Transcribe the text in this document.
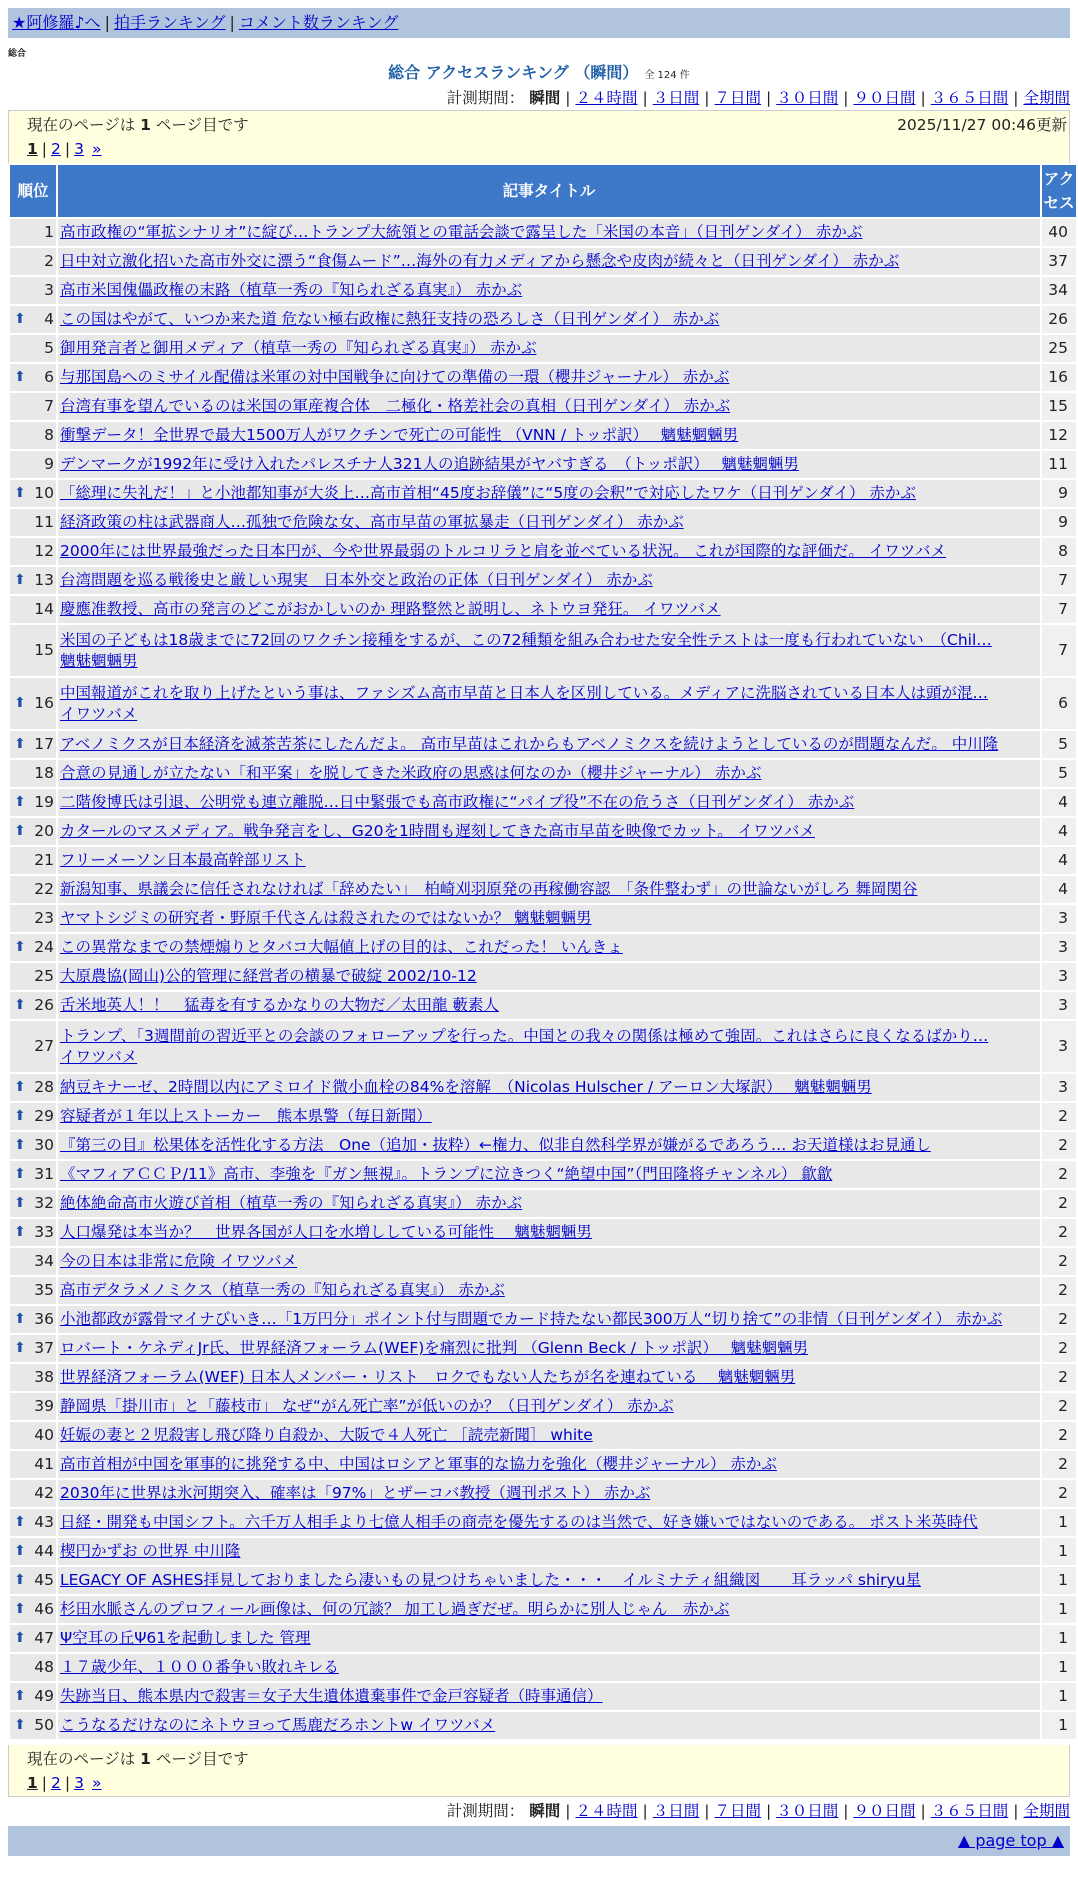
★阿修羅♪へ | 拍手ランキング | コメント数ランキング
総合
総合 アクセスランキング （瞬間） 全 124 件
計測期間： 瞬間 | ２４時間 | ３日間 | ７日間 | ３０日間 | ９０日間 | ３６５日間 | 全期間
現在のページは 1 ページ目です	2025/11/27 00:46更新
1 | 2 | 3 »
順位	記事タイトル	アクセス
1	高市政権の“軍拡シナリオ”に綻び…トランプ大統領との電話会談で露呈した「米国の本音」（日刊ゲンダイ） 赤かぶ	40
2	日中対立激化招いた高市外交に漂う“食傷ムード”…海外の有力メディアから懸念や皮肉が続々と（日刊ゲンダイ） 赤かぶ	37
3	高市米国傀儡政権の末路（植草一秀の『知られざる真実』） 赤かぶ	34

⬆ 4	この国はやがて、いつか来た道 危ない極右政権に熱狂支持の恐ろしさ（日刊ゲンダイ） 赤かぶ	26
5	御用発言者と御用メディア（植草一秀の『知られざる真実』） 赤かぶ	25

⬆ 6	与那国島へのミサイル配備は米軍の対中国戦争に向けての準備の一環（櫻井ジャーナル） 赤かぶ	16
7	台湾有事を望んでいるのは米国の軍産複合体　二極化・格差社会の真相（日刊ゲンダイ） 赤かぶ	15
8	衝撃データ！全世界で最大1500万人がワクチンで死亡の可能性 （VNN / トッポ訳）　 魑魅魍魎男	12
9	デンマークが1992年に受け入れたパレスチナ人321人の追跡結果がヤバすぎる　（トッポ訳）　 魑魅魍魎男	11

⬆ 10	「総理に失礼だ！」と小池都知事が大炎上…高市首相“45度お辞儀”に“5度の会釈”で対応したワケ（日刊ゲンダイ） 赤かぶ	9
11	経済政策の柱は武器商人…孤独で危険な女、高市早苗の軍拡暴走（日刊ゲンダイ） 赤かぶ	9
12	2000年には世界最強だった日本円が、今や世界最弱のトルコリラと肩を並べている状況。 これが国際的な評価だ。 イワツバメ	8

⬆ 13	台湾問題を巡る戦後史と厳しい現実　日本外交と政治の正体（日刊ゲンダイ） 赤かぶ	7
14	慶應准教授、高市の発言のどこがおかしいのか 理路整然と説明し、ネトウヨ発狂。 イワツバメ	7
15	米国の子どもは18歳までに72回のワクチン接種をするが、この72種類を組み合わせた安全性テストは一度も行われていない　（Chil…
魑魅魍魎男	7

⬆ 16	中国報道がこれを取り上げたという事は、ファシズム高市早苗と日本人を区別している。メディアに洗脳されている日本人は頭が混…
イワツバメ	6

⬆ 17	アベノミクスが日本経済を滅茶苦茶にしたんだよ。 高市早苗はこれからもアベノミクスを続けようとしているのが問題なんだ。 中川隆	5
18	合意の見通しが立たない「和平案」を脱してきた米政府の思惑は何なのか（櫻井ジャーナル） 赤かぶ	5

⬆ 19	二階俊博氏は引退、公明党も連立離脱…日中緊張でも高市政権に“パイプ役”不在の危うさ（日刊ゲンダイ） 赤かぶ	4

⬆ 20	カタールのマスメディア。戦争発言をし、G20を1時間も遅刻してきた高市早苗を映像でカット。 イワツバメ	4
21	フリーメーソン日本最高幹部リスト	4
22	新潟知事、県議会に信任されなければ「辞めたい」　柏崎刈羽原発の再稼働容認　「条件整わず」の世論ないがしろ 舞岡関谷	4
23	ヤマトシジミの研究者・野原千代さんは殺されたのではないか？ 魑魅魍魎男	3

⬆ 24	この異常なまでの禁煙煽りとタバコ大幅値上げの目的は、これだった！ いんきょ	3
25	大原農協(岡山)公的管理に経営者の横暴で破綻 2002/10-12	3

⬆ 26	舌米地英人！！　猛毒を有するかなりの大物だ／太田龍 藪素人	3
27	トランプ、「3週間前の習近平との会談のフォローアップを行った。中国との我々の関係は極めて強固。これはさらに良くなるばかり…
イワツバメ	3

⬆ 28	納豆キナーゼ、2時間以内にアミロイド微小血栓の84%を溶解　（Nicolas Hulscher / アーロン大塚訳）　 魑魅魍魎男	3

⬆ 29	容疑者が１年以上ストーカー　熊本県警（毎日新聞）	2

⬆ 30	『第三の目』松果体を活性化する方法　One（追加・抜粋）←権力、似非自然科学界が嫌がるであろう… お天道様はお見通し	2

⬆ 31	《マフィアＣＣＰ/11》高市、李強を『ガン無視』。トランプに泣きつく“絶望中国”（門田隆将チャンネル） 歙歙	2

⬆ 32	絶体絶命高市火遊び首相（植草一秀の『知られざる真実』） 赤かぶ	2

⬆ 33	人口爆発は本当か？　世界各国が人口を水増ししている可能性　 魑魅魍魎男	2
34	今の日本は非常に危険 イワツバメ	2
35	高市デタラメノミクス（植草一秀の『知られざる真実』） 赤かぶ	2

⬆ 36	小池都政が露骨マイナびいき…「1万円分」ポイント付与問題でカード持たない都民300万人“切り捨て”の非情（日刊ゲンダイ） 赤かぶ	2

⬆ 37	ロバート・ケネディJr氏、世界経済フォーラム(WEF)を痛烈に批判 （Glenn Beck / トッポ訳）　 魑魅魍魎男	2
38	世界経済フォーラム(WEF) 日本人メンバー・リスト　ロクでもない人たちが名を連ねている　 魑魅魍魎男	2
39	静岡県「掛川市」と「藤枝市」 なぜ“がん死亡率”が低いのか？（日刊ゲンダイ） 赤かぶ	2
40	妊娠の妻と２児殺害し飛び降り自殺か、大阪で４人死亡 ［読売新聞］ white	2
41	高市首相が中国を軍事的に挑発する中、中国はロシアと軍事的な協力を強化（櫻井ジャーナル） 赤かぶ	2
42	2030年に世界は氷河期突入、確率は「97%」とザーコバ教授（週刊ポスト） 赤かぶ	2

⬆ 43	日経・開発も中国シフト。六千万人相手より七億人相手の商売を優先するのは当然で、好き嫌いではないのである。 ポスト米英時代	1

⬆ 44	楔円かずお の世界 中川隆	1

⬆ 45	LEGACY OF ASHES拝見しておりましたら凄いもの見つけちゃいました・・・　イルミナティ組織図　　耳ラッパ shiryu星	1

⬆ 46	杉田水脈さんのプロフィール画像は、何の冗談？ 加工し過ぎだぜ。明らかに別人じゃん　赤かぶ	1

⬆ 47	Ψ空耳の丘Ψ61を起動しました 管理	1
48	１７歳少年、１０００番争い敗れキレる	1

⬆ 49	失跡当日、熊本県内で殺害＝女子大生遺体遺棄事件で金戸容疑者（時事通信）	1

⬆ 50	こうなるだけなのにネトウヨって馬鹿だろホントw イワツバメ	1
現在のページは 1 ページ目です
1 | 2 | 3 »
計測期間： 瞬間 | ２４時間 | ３日間 | ７日間 | ３０日間 | ９０日間 | ３６５日間 | 全期間
▲ page top ▲
